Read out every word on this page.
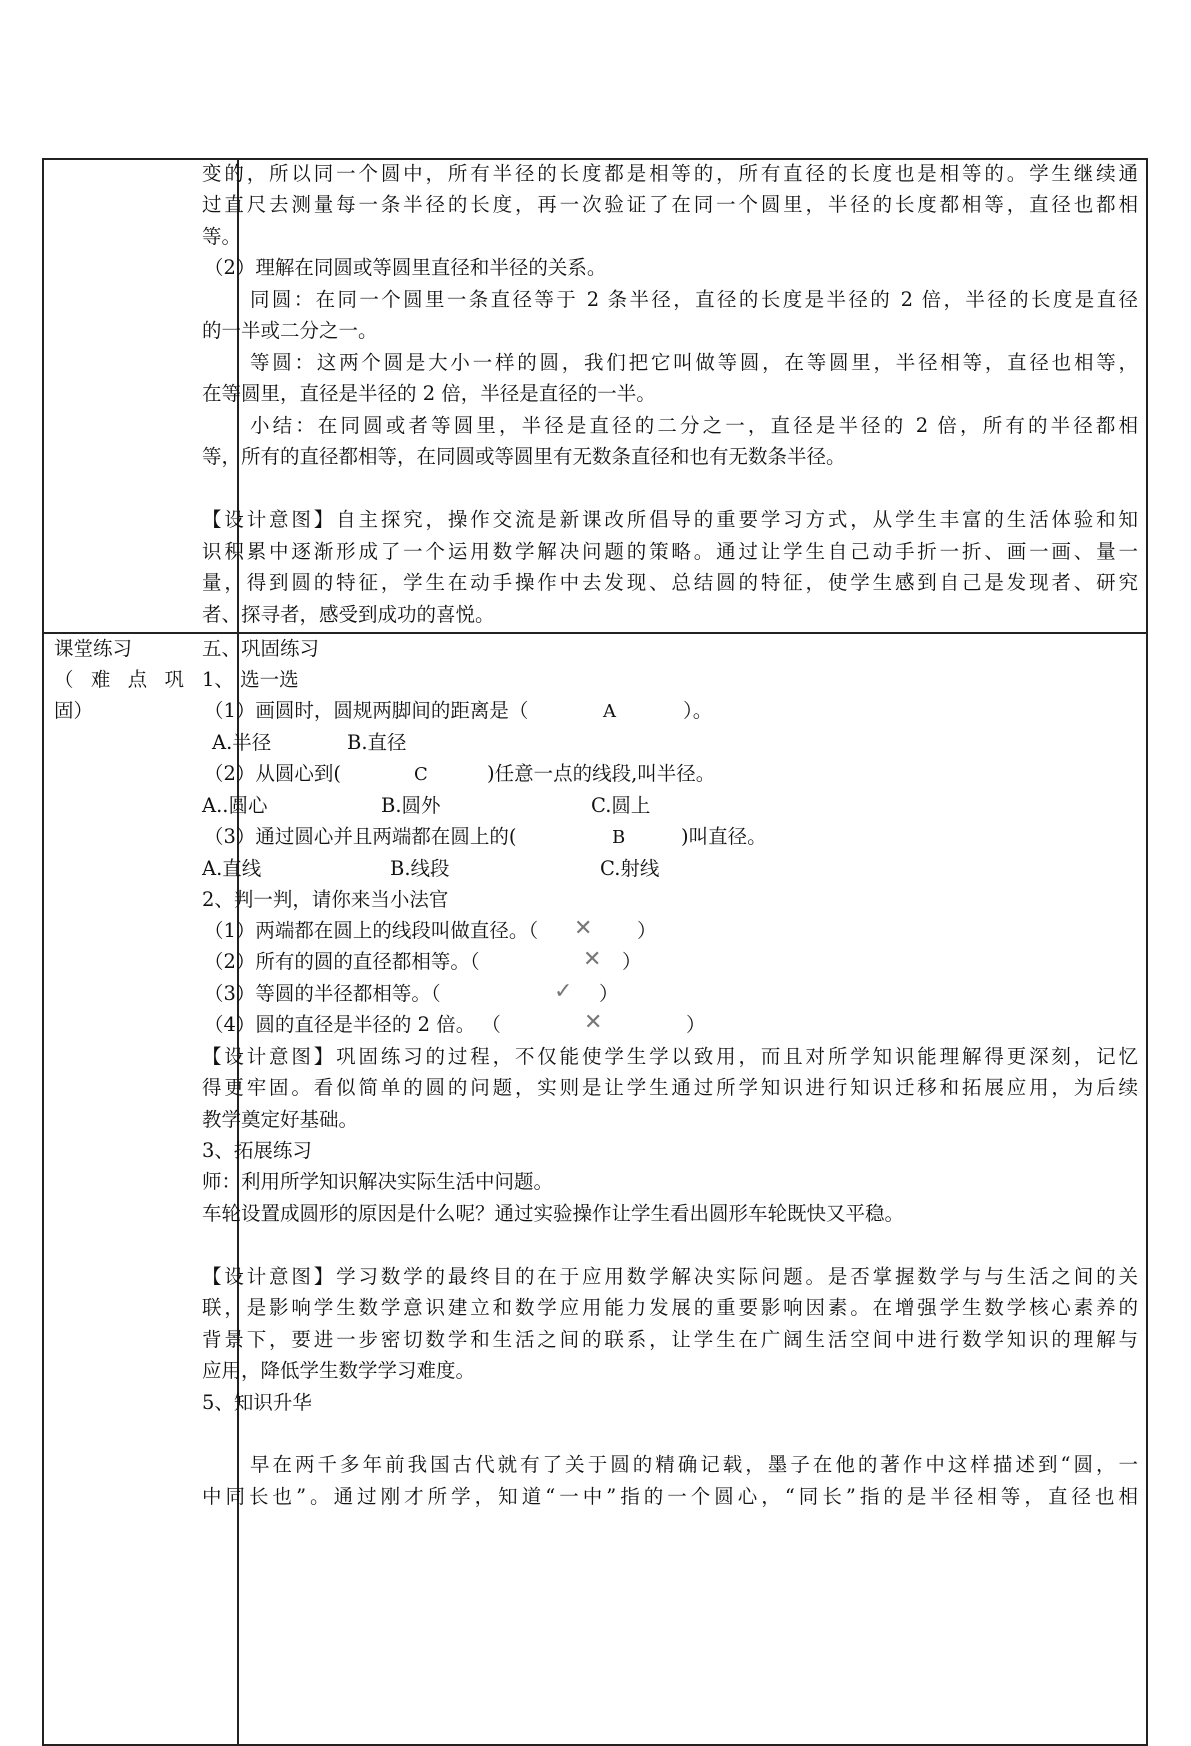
变的，所以同一个圆中，所有半径的长度都是相等的，所有直径的长度也是相等的。学生继续通
过直尺去测量每一条半径的长度，再一次验证了在同一个圆里，半径的长度都相等，直径也都相
等。
（2）理解在同圆或等圆里直径和半径的关系。
同圆：在同一个圆里一条直径等于 2 条半径，直径的长度是半径的 2 倍，半径的长度是直径
的一半或二分之一。
等圆：这两个圆是大小一样的圆，我们把它叫做等圆，在等圆里，半径相等，直径也相等，
在等圆里，直径是半径的 2 倍，半径是直径的一半。
小结：在同圆或者等圆里，半径是直径的二分之一，直径是半径的 2 倍，所有的半径都相
等，所有的直径都相等，在同圆或等圆里有无数条直径和也有无数条半径。
【设计意图】自主探究，操作交流是新课改所倡导的重要学习方式，从学生丰富的生活体验和知
识积累中逐渐形成了一个运用数学解决问题的策略。通过让学生自己动手折一折、画一画、量一
量，得到圆的特征，学生在动手操作中去发现、总结圆的特征，使学生感到自己是发现者、研究
者、探寻者，感受到成功的喜悦。
课堂练习
（ 难 点 巩
固）
五、巩固练习
1、 选一选
（1）画圆时，圆规两脚间的距离是（	A	）。
A.半径	B.直径
（2）从圆心到(	C	)任意一点的线段,叫半径。
A..圆心	B.圆外	C.圆上
（3）通过圆心并且两端都在圆上的(	B	)叫直径。
A.直线	B.线段	C.射线
2、判一判，请你来当小法官
（1）两端都在圆上的线段叫做直径。（ ✕ ）
（2）所有的圆的直径都相等。（	✕ ）
（3）等圆的半径都相等。（	✓ ）
（4）圆的直径是半径的 2 倍。 （	✕	）
【设计意图】巩固练习的过程，不仅能使学生学以致用，而且对所学知识能理解得更深刻，记忆
得更牢固。看似简单的圆的问题，实则是让学生通过所学知识进行知识迁移和拓展应用，为后续
教学奠定好基础。
3、拓展练习
师：利用所学知识解决实际生活中问题。
车轮设置成圆形的原因是什么呢？通过实验操作让学生看出圆形车轮既快又平稳。
【设计意图】学习数学的最终目的在于应用数学解决实际问题。是否掌握数学与与生活之间的关
联，是影响学生数学意识建立和数学应用能力发展的重要影响因素。在增强学生数学核心素养的
背景下，要进一步密切数学和生活之间的联系，让学生在广阔生活空间中进行数学知识的理解与
应用，降低学生数学学习难度。
5、知识升华
早在两千多年前我国古代就有了关于圆的精确记载，墨子在他的著作中这样描述到“圆，一
中同长也”。通过刚才所学，知道“一中”指的一个圆心，“同长”指的是半径相等，直径也相
